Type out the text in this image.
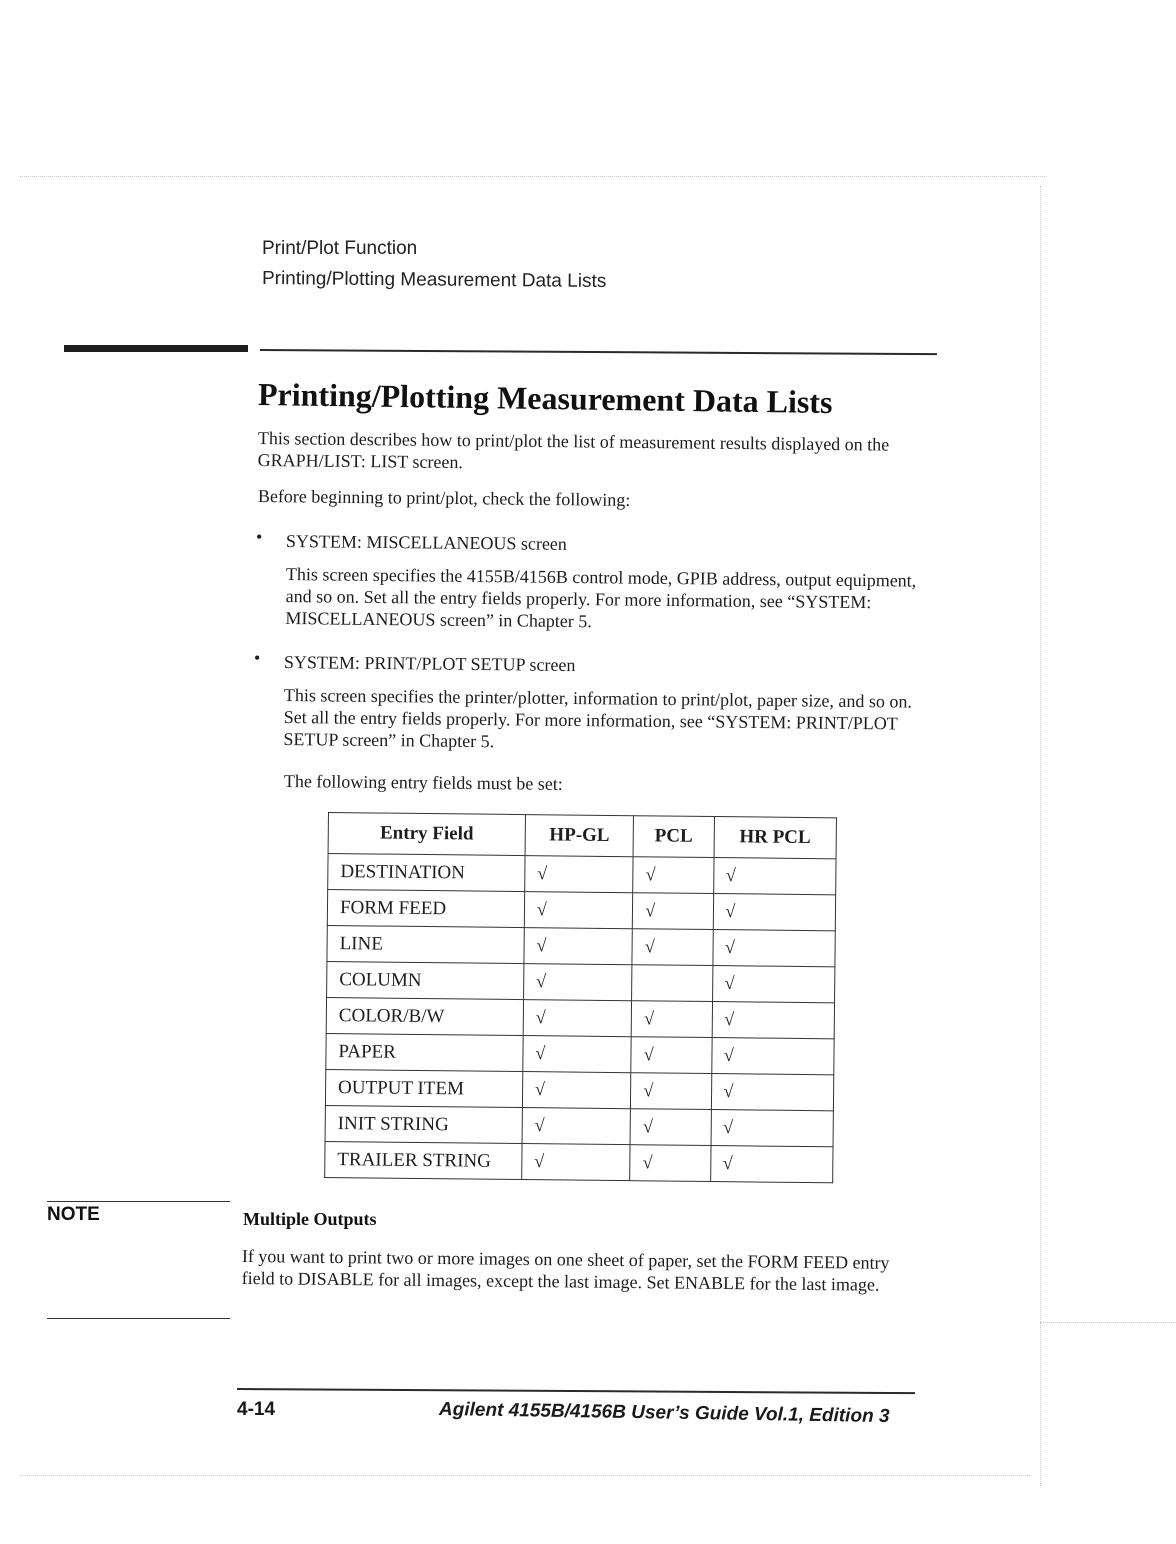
Print/Plot Function
Printing/Plotting Measurement Data Lists
Printing/Plotting Measurement Data Lists
This section describes how to print/plot the list of measurement results displayed on the GRAPH/LIST: LIST screen.
Before beginning to print/plot, check the following:
• SYSTEM: MISCELLANEOUS screen
This screen specifies the 4155B/4156B control mode, GPIB address, output equipment, and so on. Set all the entry fields properly. For more information, see “SYSTEM: MISCELLANEOUS screen” in Chapter 5.
• SYSTEM: PRINT/PLOT SETUP screen
This screen specifies the printer/plotter, information to print/plot, paper size, and so on. Set all the entry fields properly. For more information, see “SYSTEM: PRINT/PLOT SETUP screen” in Chapter 5.
The following entry fields must be set:
Entry Field	HP-GL	PCL	HR PCL
DESTINATION	√	√	√
FORM FEED	√	√	√
LINE	√	√	√
COLUMN	√		√
COLOR/B/W	√	√	√
PAPER	√	√	√
OUTPUT ITEM	√	√	√
INIT STRING	√	√	√
TRAILER STRING	√	√	√
NOTE	Multiple Outputs
If you want to print two or more images on one sheet of paper, set the FORM FEED entry field to DISABLE for all images, except the last image. Set ENABLE for the last image.
4-14	Agilent 4155B/4156B User’s Guide Vol.1, Edition 3
